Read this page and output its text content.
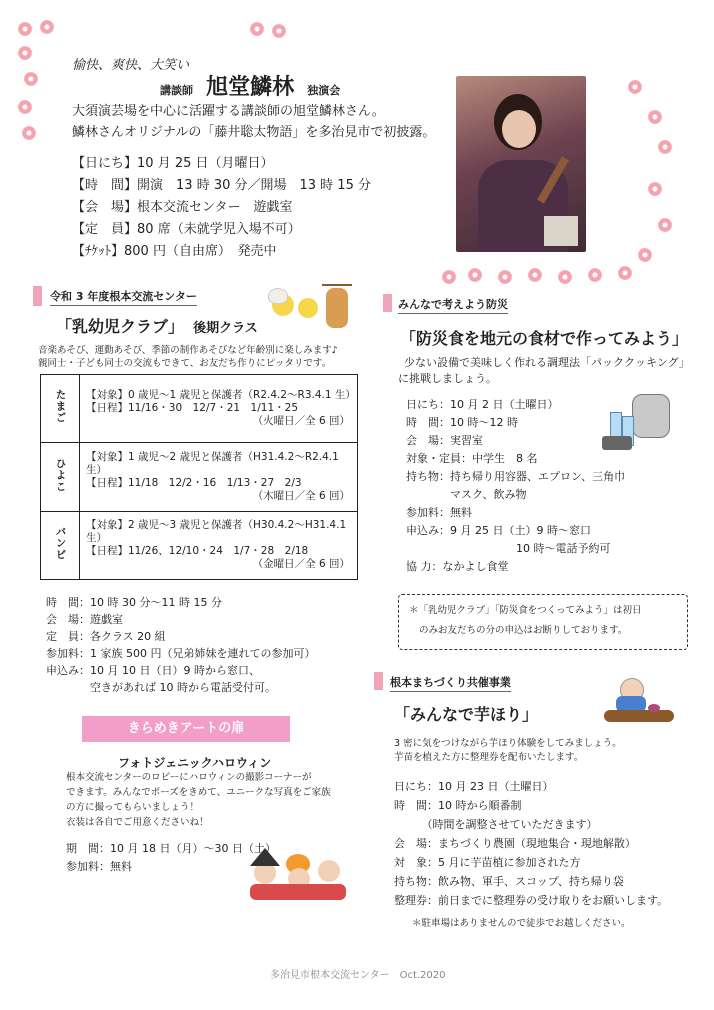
愉快、爽快、大笑い
講談師 旭堂鱗林 独演会
大須演芸場を中心に活躍する講談師の旭堂鱗林さん。
鱗林さんオリジナルの「藤井聡太物語」を多治見市で初披露。
【日にち】10 月 25 日（月曜日）
【時　間】開演　13 時 30 分／開場　13 時 15 分
【会　場】根本交流センター　遊戯室
【定　員】80 席（未就学児入場不可）
【ﾁｹｯﾄ】800 円（自由席）　発売中
令和 3 年度根本交流センター
「乳幼児クラブ」 後期クラス
音楽あそび、運動あそび、季節の制作あそびなど年齢別に楽しみます♪
親同士・子ども同士の交流もできて、お友だち作りにピッタリです。
たまご	【対象】0 歳児～1 歳児と保護者（R2.4.2～R3.4.1 生）
【日程】11/16・30　12/7・21　1/11・25
（火曜日／全 6 回）

ひよこ	【対象】1 歳児～2 歳児と保護者（H31.4.2～R2.4.1 生）
【日程】11/18　12/2・16　1/13・27　2/3
（木曜日／全 6 回）

バンビ	【対象】2 歳児～3 歳児と保護者（H30.4.2～H31.4.1 生）
【日程】11/26、12/10・24　1/7・28　2/18
（金曜日／全 6 回）
時　間：10 時 30 分～11 時 15 分
会　場：遊戯室
定　員：各クラス 20 組
参加料：1 家族 500 円（兄弟姉妹を連れての参加可）
申込み：10 月 10 日（日）9 時から窓口、
　　　　空きがあれば 10 時から電話受付可。
きらめきアートの扉
フォトジェニックハロウィン
根本交流センターのロビーにハロウィンの撮影コーナーが
できます。みんなでポーズをきめて、ユニークな写真をご家族
の方に撮ってもらいましょう！
衣装は各自でご用意くださいね！
期　間：10 月 18 日（月）～30 日（土）
参加料：無料
みんなで考えよう防災
「防災食を地元の食材で作ってみよう」
少ない設備で美味しく作れる調理法「パッククッキング」
に挑戦しましょう。
日にち：10 月 2 日（土曜日）
時　間：10 時～12 時
会　場：実習室
対象・定員：中学生　8 名
持ち物：持ち帰り用容器、エプロン、三角巾
　　　　マスク、飲み物
参加料：無料
申込み：9 月 25 日（土）9 時～窓口
　　　　　　　　　　10 時～電話予約可
協 力：なかよし食堂
＊「乳幼児クラブ」「防災食をつくってみよう」は初日
のみお友だちの分の申込はお断りしております。
根本まちづくり共催事業
「みんなで芋ほり」
3 密に気をつけながら芋ほり体験をしてみましょう。
芋苗を植えた方に整理券を配布いたします。
日にち：10 月 23 日（土曜日）
時　間：10 時から順番制
　　　（時間を調整させていただきます）
会　場：まちづくり農園（現地集合・現地解散）
対　象：5 月に芋苗植に参加された方
持ち物：飲み物、軍手、スコップ、持ち帰り袋
整理券：前日までに整理券の受け取りをお願いします。
＊駐車場はありませんので徒歩でお越しください。
多治見市根本交流センター　Oct.2020
